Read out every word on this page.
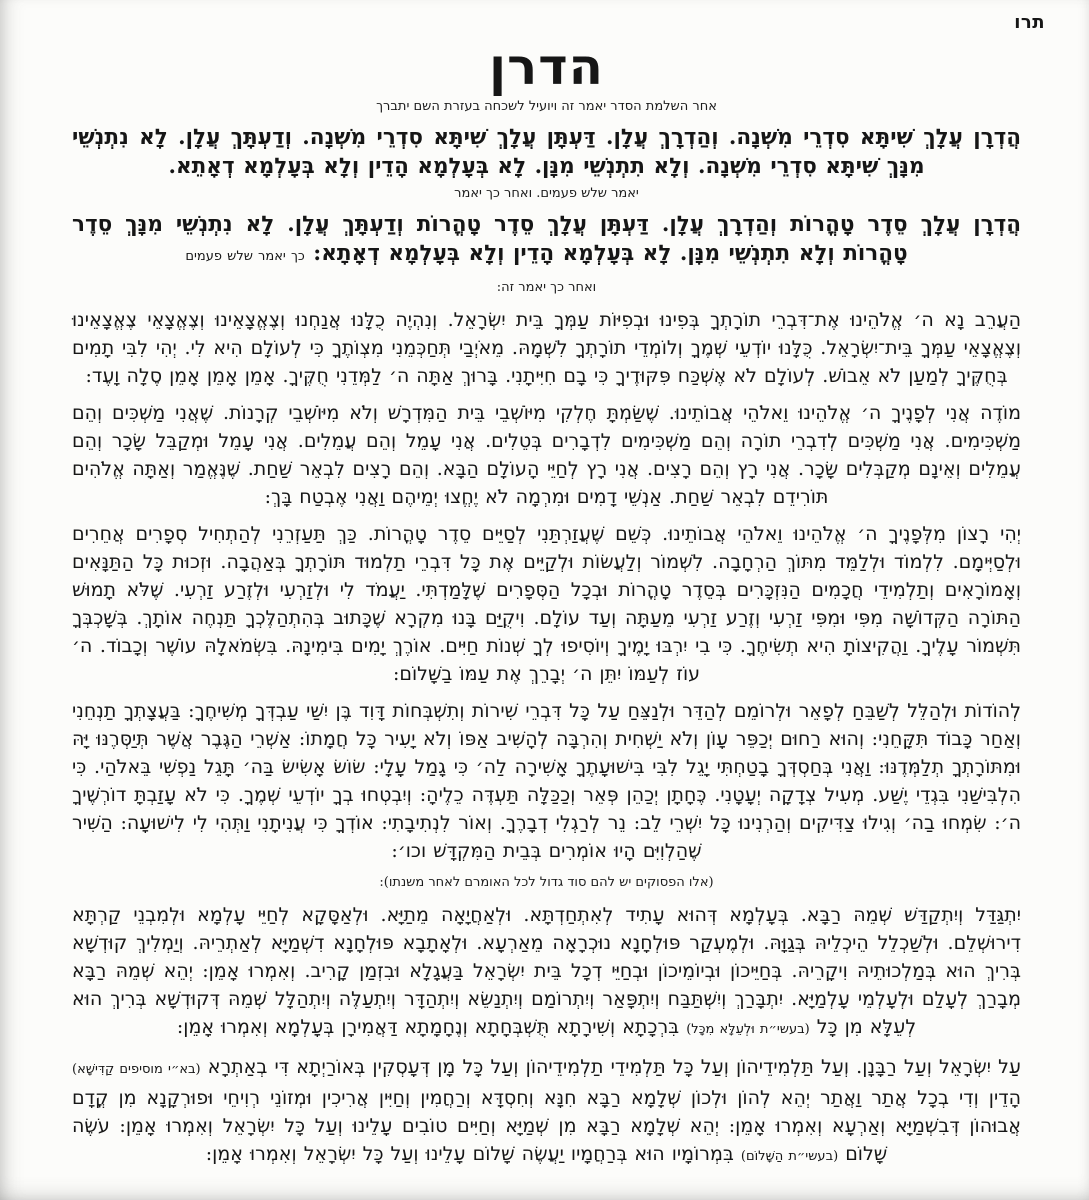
תרו
הדרן
אחר השלמת הסדר יאמר זה ויועיל לשכחה בעזרת השם יתברך

הֲדְרָן עֲלָךְ שִׁיתָּא סִדְרֵי מִשְׁנָה. וְהַדְרָךְ עֲלָן. דַּעְתָּן עֲלָךְ שִׁיתָּא סִדְרֵי מִשְׁנָה. וְדַעְתָּךְ עֲלָן. לָא נִתְנְשֵׁי מִנָּךְ שִׁיתָּא סִדְרֵי מִשְׁנָה. וְלָא תִתְנְשֵׁי מִנָּן. לָא בְּעָלְמָא הָדֵין וְלָא בְּעָלְמָא דְאָתֵא.

יאמר שלש פעמים. ואחר כך יאמר

הֲדְרָן עֲלָךְ סֵדֶר טָהֳרוֹת וְהַדְרָךְ עֲלָן. דַּעְתָּן עֲלָךְ סֵדֶר טָהֳרוֹת וְדַעְתָּךְ עֲלָן. לָא נִתְנְשֵׁי מִנָּךְ סֵדֶר טָהֳרוֹת וְלָא תִתְנְשֵׁי מִנָּן. לָא בְּעָלְמָא הָדֵין וְלָא בְּעָלְמָא דְאָתָא: כך יאמר שלש פעמים

ואחר כך יאמר זה:

הַעֲרֵב נָא ה׳ אֱלֹהֵינוּ אֶת־דִּבְרֵי תוֹרָתְךָ בְּפִינוּ וּבְפִיּוֹת עַמְּךָ בֵּית יִשְׂרָאֵל. וְנִהְיֶה כֻלָּנוּ אֲנַחְנוּ וְצֶאֱצָאֵינוּ וְצֶאֱצָאֵי צֶאֱצָאֵינוּ וְצֶאֱצָאֵי עַמְּךָ בֵּית־יִשְׂרָאֵל. כֻּלָּנוּ יוֹדְעֵי שְׁמֶךָ וְלוֹמְדֵי תוֹרָתְךָ לִשְׁמָהּ. מֵאֹיְבַי תְּחַכְּמֵנִי מִצְוֹתֶךָ כִּי לְעוֹלָם הִיא לִי. יְהִי לִבִּי תָמִים בְּחֻקֶּיךָ לְמַעַן לֹא אֵבוֹשׁ. לְעוֹלָם לֹא אֶשְׁכַּח פִּקּוּדֶיךָ כִּי בָם חִיִּיתָנִי. בָּרוּךְ אַתָּה ה׳ לַמְּדֵנִי חֻקֶּיךָ. אָמֵן אָמֵן אָמֵן סֶלָה וָעֶד:

מוֹדֶה אֲנִי לְפָנֶיךָ ה׳ אֱלֹהֵינוּ וֵאלֹהֵי אֲבוֹתֵינוּ. שֶׁשַּׂמְתָּ חֶלְקִי מִיּוֹשְׁבֵי בֵּית הַמִּדְרָשׁ וְלֹא מִיּוֹשְׁבֵי קְרָנוֹת. שֶׁאֲנִי מַשְׁכִּים וְהֵם מַשְׁכִּימִים. אֲנִי מַשְׁכִּים לְדִבְרֵי תוֹרָה וְהֵם מַשְׁכִּימִים לִדְבָרִים בְּטֵלִים. אֲנִי עָמֵל וְהֵם עֲמֵלִים. אֲנִי עָמֵל וּמְקַבֵּל שָׂכָר וְהֵם עֲמֵלִים וְאֵינָם מְקַבְּלִים שָׂכָר. אֲנִי רָץ וְהֵם רָצִים. אֲנִי רָץ לְחַיֵּי הָעוֹלָם הַבָּא. וְהֵם רָצִים לִבְאֵר שַׁחַת. שֶׁנֶּאֱמַר וְאַתָּה אֱלֹהִים תּוֹרִידֵם לִבְאֵר שַׁחַת. אַנְשֵׁי דָמִים וּמִרְמָה לֹא יֶחֱצוּ יְמֵיהֶם וַאֲנִי אֶבְטַח בָּךְ:

יְהִי רָצוֹן מִלְּפָנֶיךָ ה׳ אֱלֹהֵינוּ וֵאלֹהֵי אֲבוֹתֵינוּ. כְּשֵׁם שֶׁעֲזַרְתַּנִי לְסַיֵּים סֵדֶר טָהֳרוֹת. כַּךְ תַּעַזְרֵנִי לְהַתְחִיל סְפָרִים אֲחֵרִים וּלְסַיְּימָם. לִלְמוֹד וּלְלַמֵּד מִתּוֹךְ הַרְחָבָה. לִשְׁמוֹר וְלַעֲשׂוֹת וּלְקַיֵּים אֶת כָּל דִּבְרֵי תַלְמוּד תּוֹרָתְךָ בְּאַהֲבָה. וּזְכוּת כָּל הַתַּנָּאִים וְאָמוֹרָאִים וְתַלְמִידֵי חֲכָמִים הַנִּזְכָּרִים בְּסֵדֶר טָהֳרוֹת וּבְכָל הַסְּפָרִים שֶׁלָּמַדְתִּי. יַעֲמֹד לִי וּלְזַרְעִי וּלְזֶרַע זַרְעִי. שֶׁלֹּא תָמוּשׁ הַתּוֹרָה הַקְּדוֹשָׁה מִפִּי וּמִפִּי זַרְעִי וְזֶרַע זַרְעִי מֵעַתָּה וְעַד עוֹלָם. וִיקֻיַּם בָּנוּ מִקְרָא שֶׁכָּתוּב בְּהִתְהַלֶּכְךָ תַּנְחֶה אוֹתָךְ. בְּשָׁכְבְּךָ תִּשְׁמוֹר עָלֶיךָ. וַהֲקִיצוֹתָ הִיא תְשִׂיחֶךָ. כִּי בִי יִרְבּוּ יָמֶיךָ וְיוֹסִיפוּ לְךָ שְׁנוֹת חַיִּים. אוֹרֶךְ יָמִים בִּימִינָהּ. בִּשְׂמֹאלָהּ עוֹשֶׁר וְכָבוֹד. ה׳ עוֹז לְעַמּוֹ יִתֵּן ה׳ יְבָרֵךְ אֶת עַמּוֹ בַשָּׁלוֹם:

לְהוֹדוֹת וּלְהַלֵּל לְשַׁבֵּחַ לְפָאֵר וּלְרוֹמֵם לְהַדֵּר וּלְנַצֵּחַ עַל כָּל דִּבְרֵי שִׁירוֹת וְתִשְׁבְּחוֹת דָּוִד בֶּן יִשַׁי עַבְדְּךָ מְשִׁיחֶךָ: בַּעֲצָתְךָ תַנְחֵנִי וְאַחַר כָּבוֹד תִּקָּחֵנִי: וְהוּא רַחוּם יְכַפֵּר עָוֹן וְלֹא יַשְׁחִית וְהִרְבָּה לְהָשִׁיב אַפּוֹ וְלֹא יָעִיר כָּל חֲמָתוֹ: אַשְׁרֵי הַגֶּבֶר אֲשֶׁר תְּיַסְּרֶנּוּ יָּהּ וּמִתּוֹרָתְךָ תְלַמְּדֶנּוּ: וַאֲנִי בְּחַסְדְּךָ בָטַחְתִּי יָגֵל לִבִּי בִּישׁוּעָתֶךָ אָשִׁירָה לַה׳ כִּי גָמַל עָלָי: שׂוֹשׂ אָשִׂישׂ בַּה׳ תָּגֵל נַפְשִׁי בֵּאלֹהַי. כִּי הִלְבִּישַׁנִי בִּגְדֵי יֶשַׁע. מְעִיל צְדָקָה יְעָטָנִי. כֶּחָתָן יְכַהֵן פְּאֵר וְכַכַּלָּה תַּעְדֶּה כֵלֶיהָ: וְיִבְטְחוּ בְךָ יוֹדְעֵי שְׁמֶךָ. כִּי לֹא עָזַבְתָּ דוֹרְשֶׁיךָ ה׳: שִׂמְחוּ בַה׳ וְגִילוּ צַדִּיקִים וְהַרְנִינוּ כָּל יִשְׁרֵי לֵב: נֵר לְרַגְלִי דְבָרֶךָ. וְאוֹר לִנְתִיבָתִי: אוֹדְךָ כִּי עֲנִיתָנִי וַתְּהִי לִי לִישׁוּעָה: הַשִּׁיר שֶׁהַלְוִיִּם הָיוּ אוֹמְרִים בְּבֵית הַמִּקְדָּשׁ וכו׳:

(אלו הפסוקים יש להם סוד גדול לכל האומרם לאחר משנתו):

יִתְגַּדַּל וְיִתְקַדַּשׁ שְׁמֵהּ רַבָּא. בְּעָלְמָא דְּהוּא עָתִיד לְאִתְחַדְתָּא. וּלְאַחֲיָאָה מֵתַיָּא. וּלְאַסָּקָא לְחַיֵּי עָלְמָא וּלְמִבְנֵי קַרְתָּא דִירוּשְׁלֵם. וּלְשַׁכְלֵל הֵיכְלֵיהּ בְּגַוָּהּ. וּלְמֶעְקַר פּוּלְחָנָא נוּכְרָאָה מֵאַרְעָא. וּלְאָתָבָא פּוּלְחָנָא דִשְׁמַיָּא לְאַתְרֵיהּ. וְיַמְלִיךְ קוּדְשָׁא בְּרִיךְ הוּא בְּמַלְכוּתֵיהּ וִיקָרֵיהּ. בְּחַיֵּיכוֹן וּבְיוֹמֵיכוֹן וּבְחַיֵּי דְכָל בֵּית יִשְׂרָאֵל בַּעֲגָלָא וּבִזְמַן קָרִיב. וְאִמְרוּ אָמֵן: יְהֵא שְׁמֵהּ רַבָּא מְבָרַךְ לְעָלַם וּלְעָלְמֵי עָלְמַיָּא. יִתְבָּרַךְ וְיִשְׁתַּבַּח וְיִתְפָּאַר וְיִתְרוֹמַם וְיִתְנַשֵּׂא וְיִתְהַדָּר וְיִתְעַלֶּה וְיִתְהַלָּל שְׁמֵהּ דְּקוּדְשָׁא בְּרִיךְ הוּא לְעֵלָּא מִן כָּל (בעשי״ת וּלְעֵלָּא מִכָּל) בִּרְכָתָא וְשִׁירָתָא תֻּשְׁבְּחָתָא וְנֶחָמָתָא דַּאֲמִירָן בְּעָלְמָא וְאִמְרוּ אָמֵן:

עַל יִשְׂרָאֵל וְעַל רַבָּנָן. וְעַל תַּלְמִידֵיהוֹן וְעַל כָּל תַּלְמִידֵי תַלְמִידֵיהוֹן וְעַל כָּל מָן דְּעָסְקִין בְּאוֹרַיְתָא דִּי בְאַתְרָא (בא״י מוסיפים קַדִּישָׁא) הָדֵין וְדִי בְכָל אֲתַר וַאֲתַר יְהֵא לְהוֹן וּלְכוֹן שְׁלָמָא רַבָּא חִנָּא וְחִסְדָּא וְרַחֲמִין וְחַיִּין אֲרִיכִין וּמְזוֹנֵי רְוִיחֵי וּפוּרְקָנָא מִן קֳדָם אֲבוּהוֹן דְּבִשְׁמַיָּא וְאַרְעָא וְאִמְרוּ אָמֵן: יְהֵא שְׁלָמָא רַבָּא מִן שְׁמַיָּא וְחַיִּים טוֹבִים עָלֵינוּ וְעַל כָּל יִשְׂרָאֵל וְאִמְרוּ אָמֵן: עֹשֶׂה שָׁלוֹם (בעשי״ת הַשָּׁלוֹם) בִּמְרוֹמָיו הוּא בְּרַחֲמָיו יַעֲשֶׂה שָׁלוֹם עָלֵינוּ וְעַל כָּל יִשְׂרָאֵל וְאִמְרוּ אָמֵן:
